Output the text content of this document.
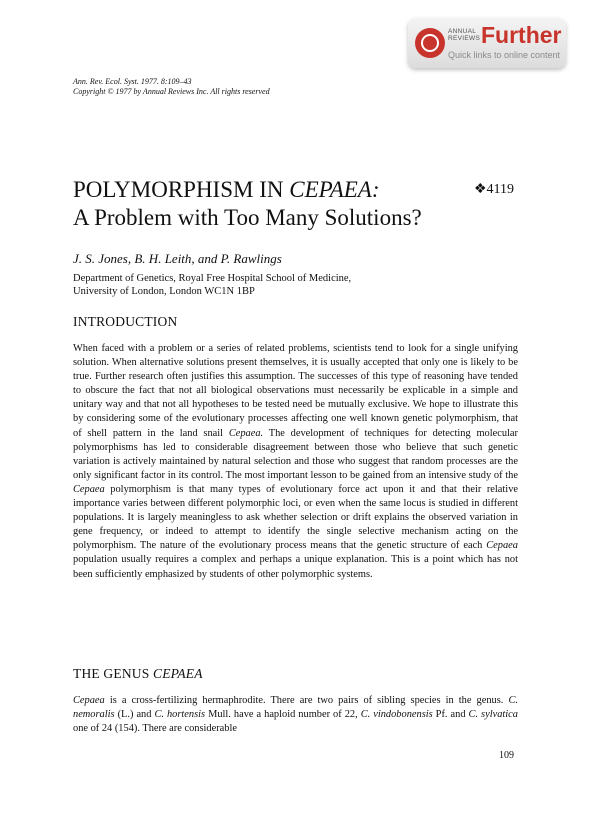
ANNUAL REVIEWS Further
Quick links to online content
Ann. Rev. Ecol. Syst. 1977. 8:109–43
Copyright © 1977 by Annual Reviews Inc. All rights reserved
POLYMORPHISM IN CEPAEA:
A Problem with Too Many Solutions?
❖4119
J. S. Jones, B. H. Leith, and P. Rawlings
Department of Genetics, Royal Free Hospital School of Medicine,
University of London, London WC1N 1BP
INTRODUCTION

When faced with a problem or a series of related problems, scientists tend to look for a single unifying solution. When alternative solutions present themselves, it is usually accepted that only one is likely to be true. Further research often justifies this assumption. The successes of this type of reasoning have tended to obscure the fact that not all biological observations must necessarily be explicable in a simple and unitary way and that not all hypotheses to be tested need be mutually exclusive. We hope to illustrate this by considering some of the evolutionary processes affecting one well known genetic polymorphism, that of shell pattern in the land snail Cepaea. The development of techniques for detecting molecular polymorphisms has led to considerable disagreement between those who believe that such genetic variation is actively maintained by natural selection and those who suggest that random processes are the only significant factor in its control. The most important lesson to be gained from an intensive study of the Cepaea polymorphism is that many types of evolutionary force act upon it and that their relative importance varies between different polymorphic loci, or even when the same locus is studied in different populations. It is largely meaningless to ask whether selection or drift explains the observed variation in gene frequency, or indeed to attempt to identify the single selective mechanism acting on the polymorphism. The nature of the evolutionary process means that the genetic structure of each Cepaea population usually requires a complex and perhaps a unique explanation. This is a point which has not been sufficiently emphasized by students of other polymorphic systems.

THE GENUS CEPAEA

Cepaea is a cross-fertilizing hermaphrodite. There are two pairs of sibling species in the genus. C. nemoralis (L.) and C. hortensis Mull. have a haploid number of 22, C. vindobonensis Pf. and C. sylvatica one of 24 (154). There are considerable

109
